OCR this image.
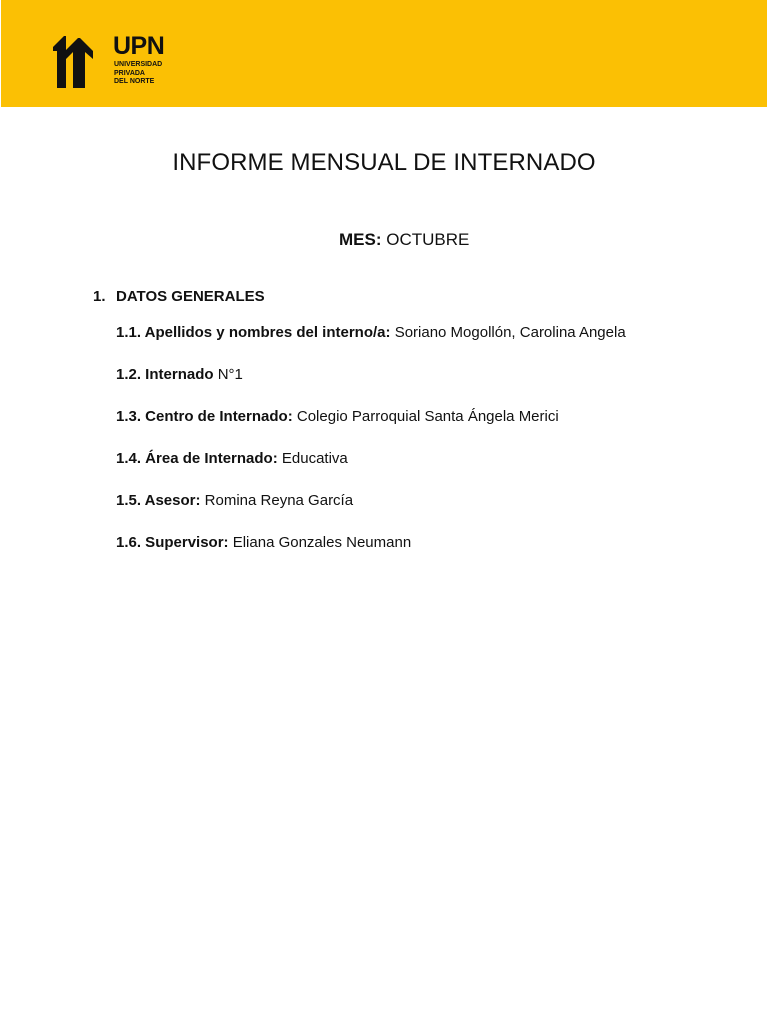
UPN
UNIVERSIDAD
PRIVADA
DEL NORTE
INFORME MENSUAL DE INTERNADO
MES: OCTUBRE
1. DATOS GENERALES
1.1. Apellidos y nombres del interno/a: Soriano Mogollón, Carolina Angela
1.2. Internado N°1
1.3. Centro de Internado: Colegio Parroquial Santa Ángela Merici
1.4. Área de Internado: Educativa
1.5. Asesor: Romina Reyna García
1.6. Supervisor: Eliana Gonzales Neumann
